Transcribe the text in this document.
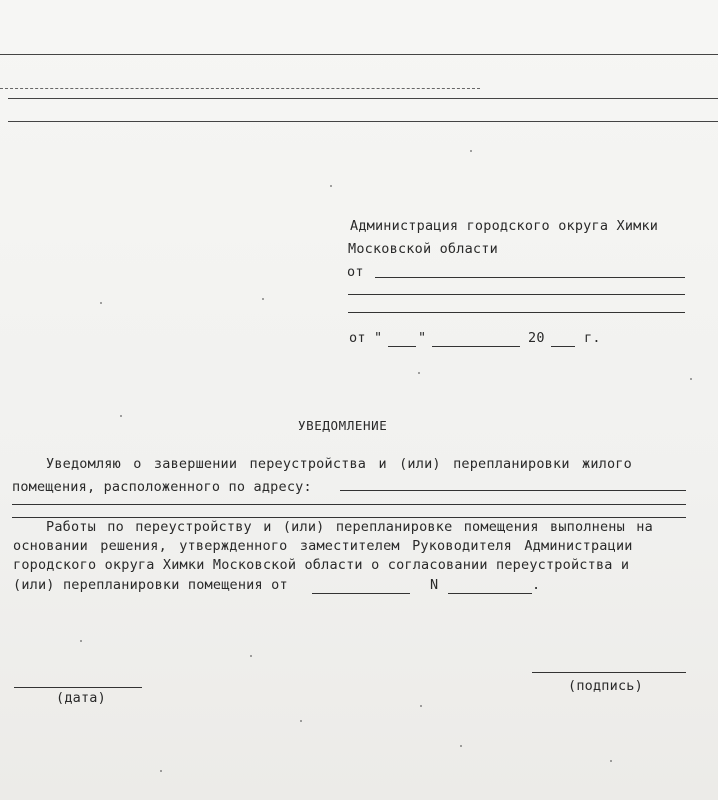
Администрация городского округа Химки
Московской области
от
от "	"	20	г.
УВЕДОМЛЕНИЕ
Уведомляю о завершении переустройства и (или) перепланировки жилого
помещения, расположенного по адресу:
Работы по переустройству и (или) перепланировке помещения выполнены на
основании решения, утвержденного заместителем Руководителя Администрации
городского округа Химки Московской области о согласовании переустройства и
(или) перепланировки помещения от	N	.
(дата)
(подпись)
